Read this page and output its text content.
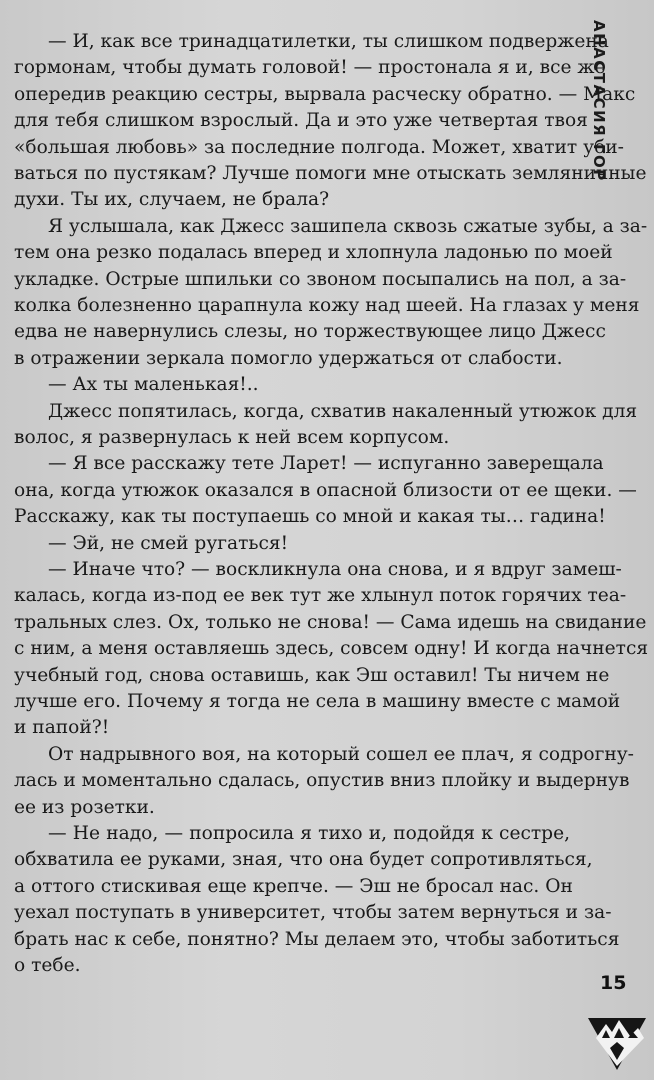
АНАСТАСИЯ ГОР
— И, как все тринадцатилетки, ты слишком подвержена
гормонам, чтобы думать головой! — простонала я и, все же
опередив реакцию сестры, вырвала расческу обратно. — Макс
для тебя слишком взрослый. Да и это уже четвертая твоя
«большая любовь» за последние полгода. Может, хватит уби-
ваться по пустякам? Лучше помоги мне отыскать земляничные
духи. Ты их, случаем, не брала?
Я услышала, как Джесс зашипела сквозь сжатые зубы, а за-
тем она резко подалась вперед и хлопнула ладонью по моей
укладке. Острые шпильки со звоном посыпались на пол, а за-
колка болезненно царапнула кожу над шеей. На глазах у меня
едва не навернулись слезы, но торжествующее лицо Джесс
в отражении зеркала помогло удержаться от слабости.
— Ах ты маленькая!..
Джесс попятилась, когда, схватив накаленный утюжок для
волос, я развернулась к ней всем корпусом.
— Я все расскажу тете Ларет! — испуганно заверещала
она, когда утюжок оказался в опасной близости от ее щеки. —
Расскажу, как ты поступаешь со мной и какая ты… гадина!
— Эй, не смей ругаться!
— Иначе что? — воскликнула она снова, и я вдруг замеш-
калась, когда из-под ее век тут же хлынул поток горячих теа-
тральных слез. Ох, только не снова! — Сама идешь на свидание
с ним, а меня оставляешь здесь, совсем одну! И когда начнется
учебный год, снова оставишь, как Эш оставил! Ты ничем не
лучше его. Почему я тогда не села в машину вместе с мамой
и папой?!
От надрывного воя, на который сошел ее плач, я содрогну-
лась и моментально сдалась, опустив вниз плойку и выдернув
ее из розетки.
— Не надо, — попросила я тихо и, подойдя к сестре,
обхватила ее руками, зная, что она будет сопротивляться,
а оттого стискивая еще крепче. — Эш не бросал нас. Он
уехал поступать в университет, чтобы затем вернуться и за-
брать нас к себе, понятно? Мы делаем это, чтобы заботиться
о тебе.
15
